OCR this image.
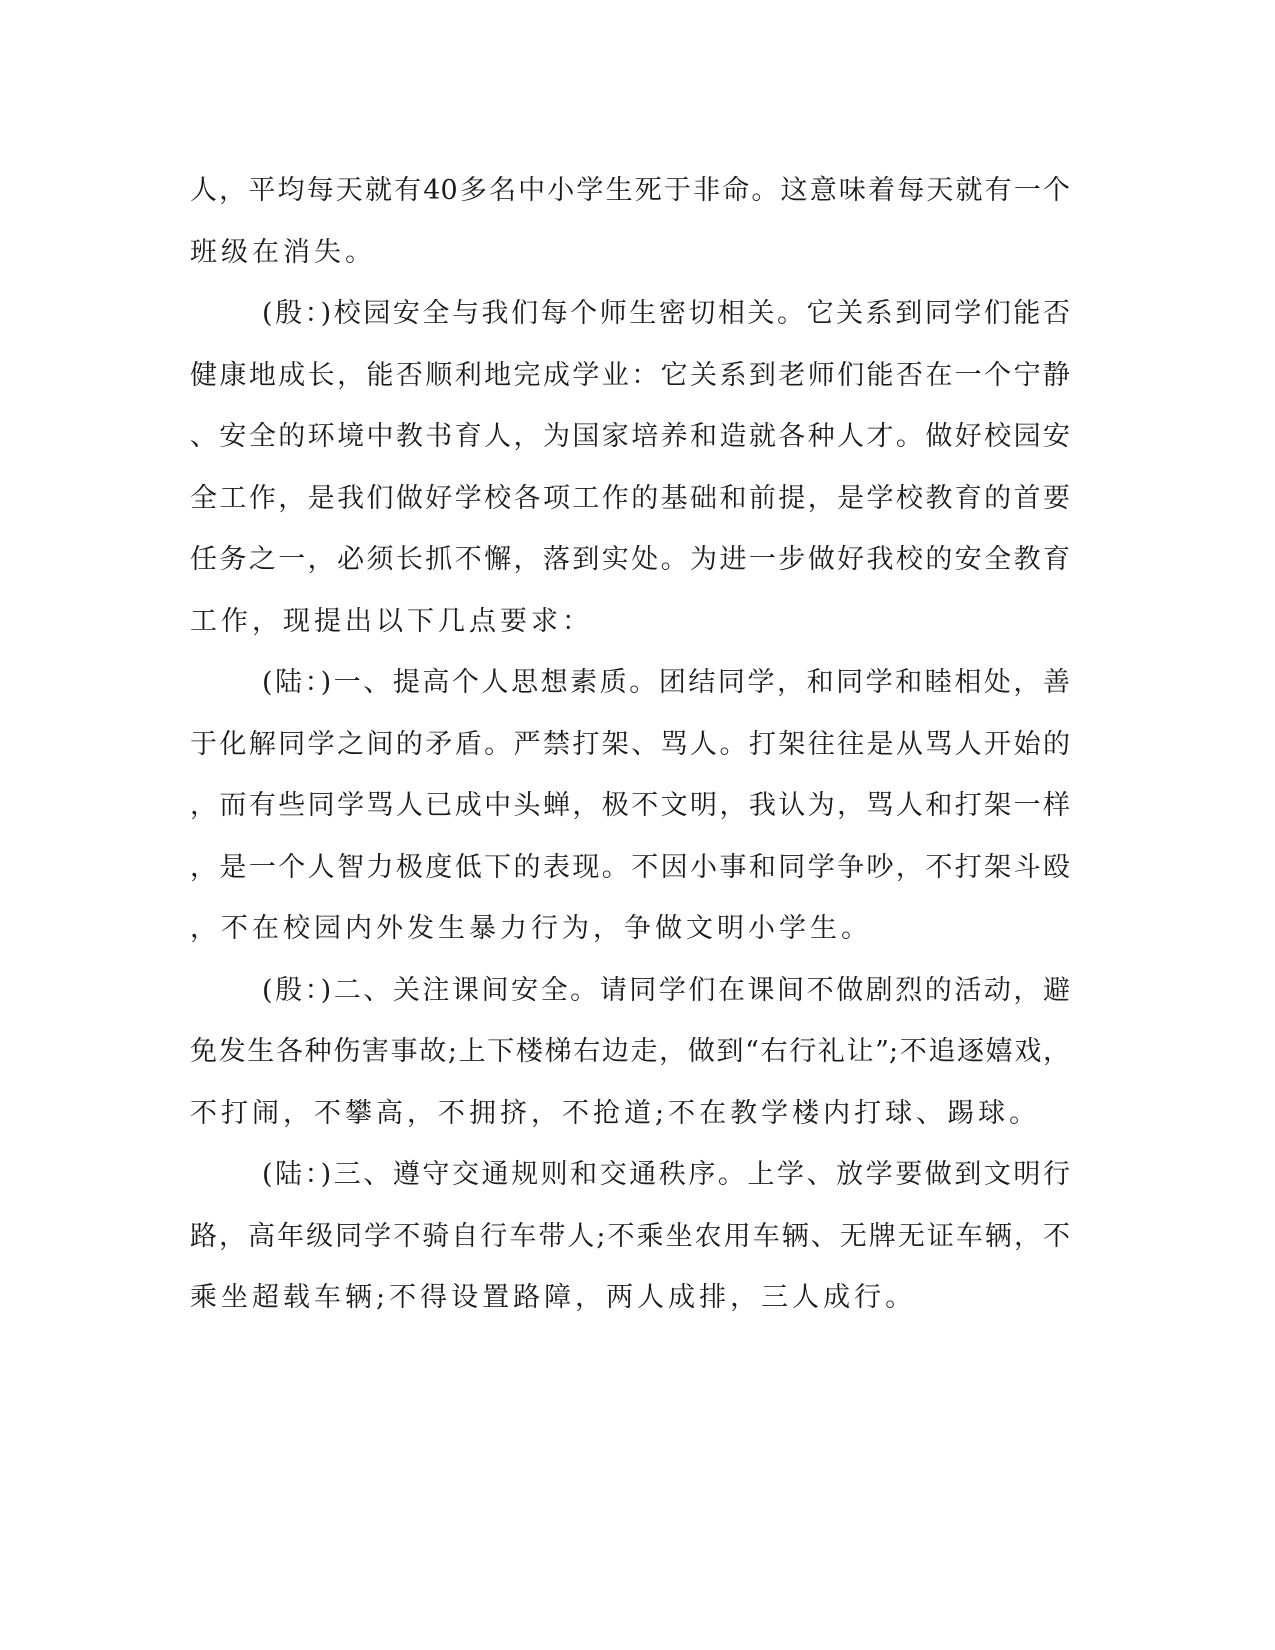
人，平均每天就有40多名中小学生死于非命。这意味着每天就有一个
班级在消失。
(殷：)校园安全与我们每个师生密切相关。它关系到同学们能否
健康地成长，能否顺利地完成学业：它关系到老师们能否在一个宁静
、安全的环境中教书育人，为国家培养和造就各种人才。做好校园安
全工作，是我们做好学校各项工作的基础和前提，是学校教育的首要
任务之一，必须长抓不懈，落到实处。为进一步做好我校的安全教育
工作，现提出以下几点要求：
(陆：)一、提高个人思想素质。团结同学，和同学和睦相处，善
于化解同学之间的矛盾。严禁打架、骂人。打架往往是从骂人开始的
，而有些同学骂人已成中头蝉，极不文明，我认为，骂人和打架一样
，是一个人智力极度低下的表现。不因小事和同学争吵，不打架斗殴
，不在校园内外发生暴力行为，争做文明小学生。
(殷：)二、关注课间安全。请同学们在课间不做剧烈的活动，避
免发生各种伤害事故;上下楼梯右边走，做到“右行礼让”;不追逐嬉戏，
不打闹，不攀高，不拥挤，不抢道;不在教学楼内打球、踢球。
(陆：)三、遵守交通规则和交通秩序。上学、放学要做到文明行
路，高年级同学不骑自行车带人;不乘坐农用车辆、无牌无证车辆，不
乘坐超载车辆;不得设置路障，两人成排，三人成行。
